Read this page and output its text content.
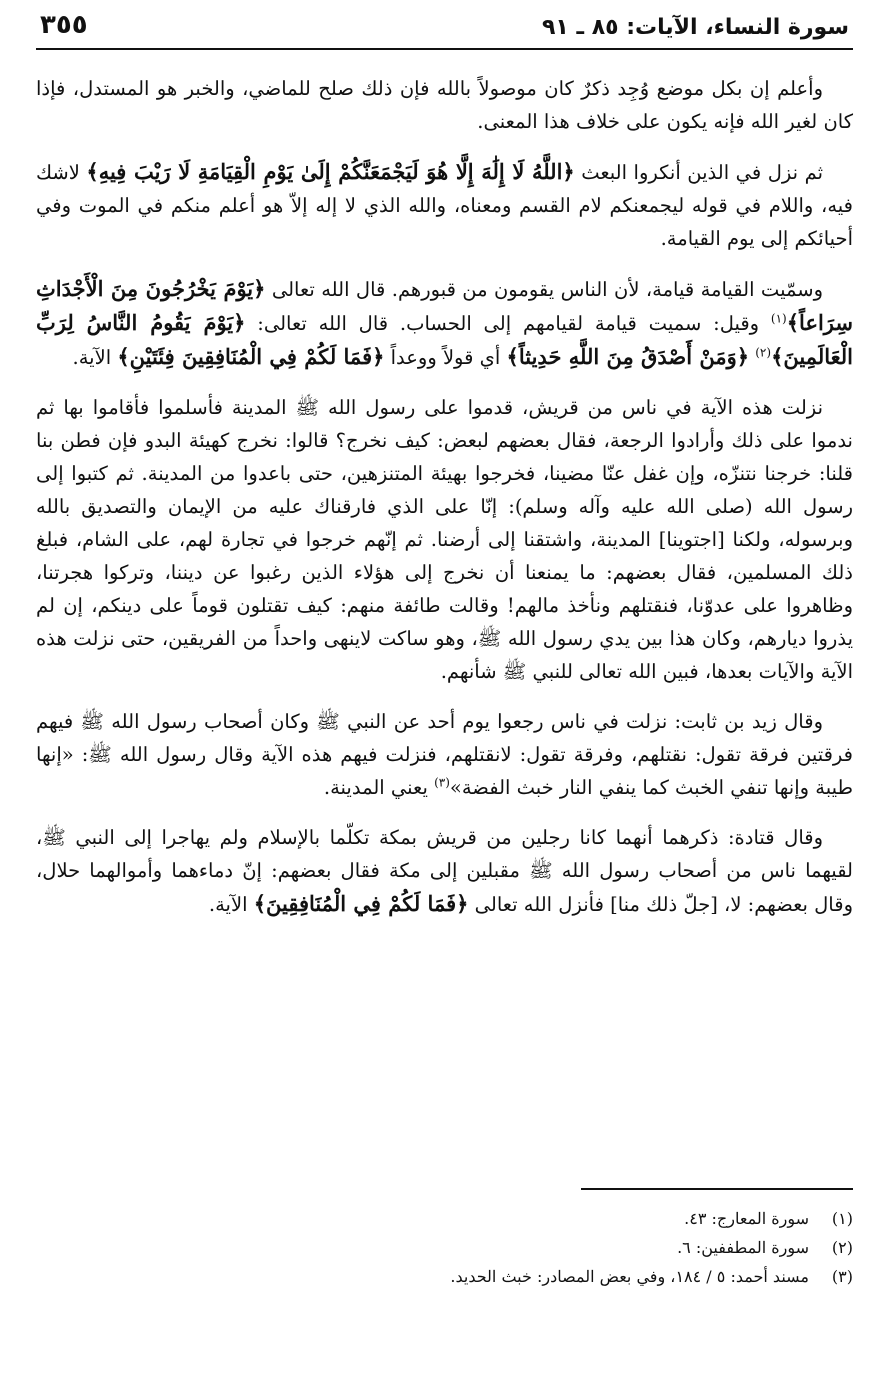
سورة النساء، الآيات: ٨٥ ـ ٩١
٣٥٥

وأعلم إن بكل موضع وُجِد ذكرٌ كان موصولاً بالله فإن ذلك صلح للماضي، والخبر هو المستدل، فإذا كان لغير الله فإنه يكون على خلاف هذا المعنى.

ثم نزل في الذين أنكروا البعث ﴿اللَّهُ لَا إِلَٰهَ إِلَّا هُوَ لَيَجْمَعَنَّكُمْ إِلَىٰ يَوْمِ الْقِيَامَةِ لَا رَيْبَ فِيهِ﴾ لاشك فيه، واللام في قوله ليجمعنكم لام القسم ومعناه، والله الذي لا إله إلاّ هو أعلم منكم في الموت وفي أحيائكم إلى يوم القيامة.

وسمّيت القيامة قيامة، لأن الناس يقومون من قبورهم. قال الله تعالى ﴿يَوْمَ يَخْرُجُونَ مِنَ الْأَجْدَاثِ سِرَاعاً﴾$^{(١)}$ وقيل: سميت قيامة لقيامهم إلى الحساب. قال الله تعالى: ﴿يَوْمَ يَقُومُ النَّاسُ لِرَبِّ الْعَالَمِينَ﴾$^{(٢)}$ ﴿وَمَنْ أَصْدَقُ مِنَ اللَّهِ حَدِيثاً﴾ أي قولاً ووعداً ﴿فَمَا لَكُمْ فِي الْمُنَافِقِينَ فِئَتَيْنِ﴾ الآية.

نزلت هذه الآية في ناس من قريش، قدموا على رسول الله ﷺ المدينة فأسلموا فأقاموا بها ثم ندموا على ذلك وأرادوا الرجعة، فقال بعضهم لبعض: كيف نخرج؟ قالوا: نخرج كهيئة البدو فإن فطن بنا قلنا: خرجنا نتنزّه، وإن غفل عنّا مضينا، فخرجوا بهيئة المتنزهين، حتى باعدوا من المدينة. ثم كتبوا إلى رسول الله (صلى الله عليه وآله وسلم): إنّا على الذي فارقناك عليه من الإيمان والتصديق بالله وبرسوله، ولكنا [اجتوينا] المدينة، واشتقنا إلى أرضنا. ثم إنّهم خرجوا في تجارة لهم، على الشام، فبلغ ذلك المسلمين، فقال بعضهم: ما يمنعنا أن نخرج إلى هؤلاء الذين رغبوا عن ديننا، وتركوا هجرتنا، وظاهروا على عدوّنا، فنقتلهم ونأخذ مالهم! وقالت طائفة منهم: كيف تقتلون قوماً على دينكم، إن لم يذروا ديارهم، وكان هذا بين يدي رسول الله ﷺ، وهو ساكت لاينهى واحداً من الفريقين، حتى نزلت هذه الآية والآيات بعدها، فبين الله تعالى للنبي ﷺ شأنهم.

وقال زيد بن ثابت: نزلت في ناس رجعوا يوم أحد عن النبي ﷺ وكان أصحاب رسول الله ﷺ فيهم فرقتين فرقة تقول: نقتلهم، وفرقة تقول: لانقتلهم، فنزلت فيهم هذه الآية وقال رسول الله ﷺ: «إنها طيبة وإنها تنفي الخبث كما ينفي النار خبث الفضة»$^{(٣)}$ يعني المدينة.

وقال قتادة: ذكرهما أنهما كانا رجلين من قريش بمكة تكلّما بالإسلام ولم يهاجرا إلى النبي ﷺ، لقيهما ناس من أصحاب رسول الله ﷺ مقبلين إلى مكة فقال بعضهم: إنّ دماءهما وأموالهما حلال، وقال بعضهم: لا، [جلّ ذلك منا] فأنزل الله تعالى ﴿فَمَا لَكُمْ فِي الْمُنَافِقِينَ﴾ الآية.

(١)
سورة المعارج: ٤٣.
(٢)
سورة المطففين: ٦.
(٣)
مسند أحمد: ٥ / ١٨٤، وفي بعض المصادر: خبث الحديد.
